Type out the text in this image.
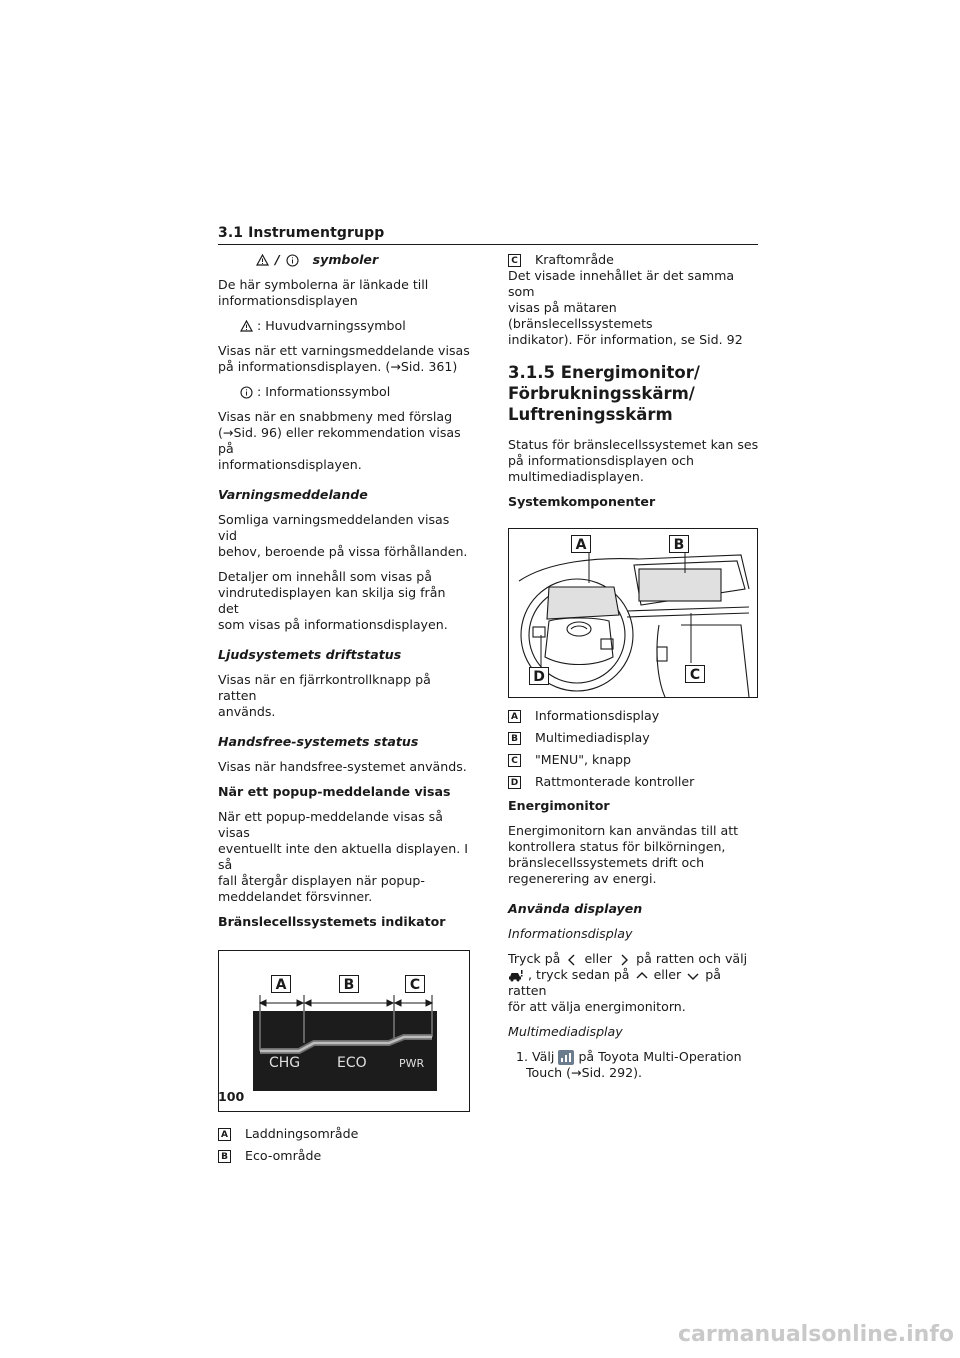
3.1 Instrumentgrupp
/	symboler

De här symbolerna är länkade till
informationsdisplayen

: Huvudvarningssymbol

Visas när ett varningsmeddelande visas
på informationsdisplayen. (→Sid. 361)

: Informationssymbol

Visas när en snabbmeny med förslag
(→Sid. 96) eller rekommendation visas på
informationsdisplayen.

Varningsmeddelande

Somliga varningsmeddelanden visas vid
behov, beroende på vissa förhållanden.

Detaljer om innehåll som visas på
vindrutedisplayen kan skilja sig från det
som visas på informationsdisplayen.

Ljudsystemets driftstatus

Visas när en fjärrkontrollknapp på ratten
används.

Handsfree-systemets status

Visas när handsfree-systemet används.

När ett popup-meddelande visas

När ett popup-meddelande visas så visas
eventuellt inte den aktuella displayen. I så
fall återgår displayen när popup-
meddelandet försvinner.

Bränslecellssystemets indikator

A	B	C
CHG	ECO	PWR
A Laddningsområde
B Eco-område
C Kraftområde

Det visade innehållet är det samma som
visas på mätaren (bränslecellssystemets
indikator). För information, se Sid. 92

3.1.5 Energimonitor/
Förbrukningsskärm/
Luftreningsskärm

Status för bränslecellssystemet kan ses
på informationsdisplayen och
multimediadisplayen.

Systemkomponenter

A	B
C
D
A Informationsdisplay
B Multimediadisplay
C "MENU", knapp
D Rattmonterade kontroller

Energimonitor

Energimonitorn kan användas till att
kontrollera status för bilkörningen,
bränslecellssystemets drift och
regenerering av energi.

Använda displayen

Informationsdisplay

Tryck på eller på ratten och välj
, tryck sedan på eller på ratten
för att välja energimonitorn.

Multimediadisplay

1. Välj på Toyota Multi-Operation
Touch (→Sid. 292).

100
carmanualsonline.info
